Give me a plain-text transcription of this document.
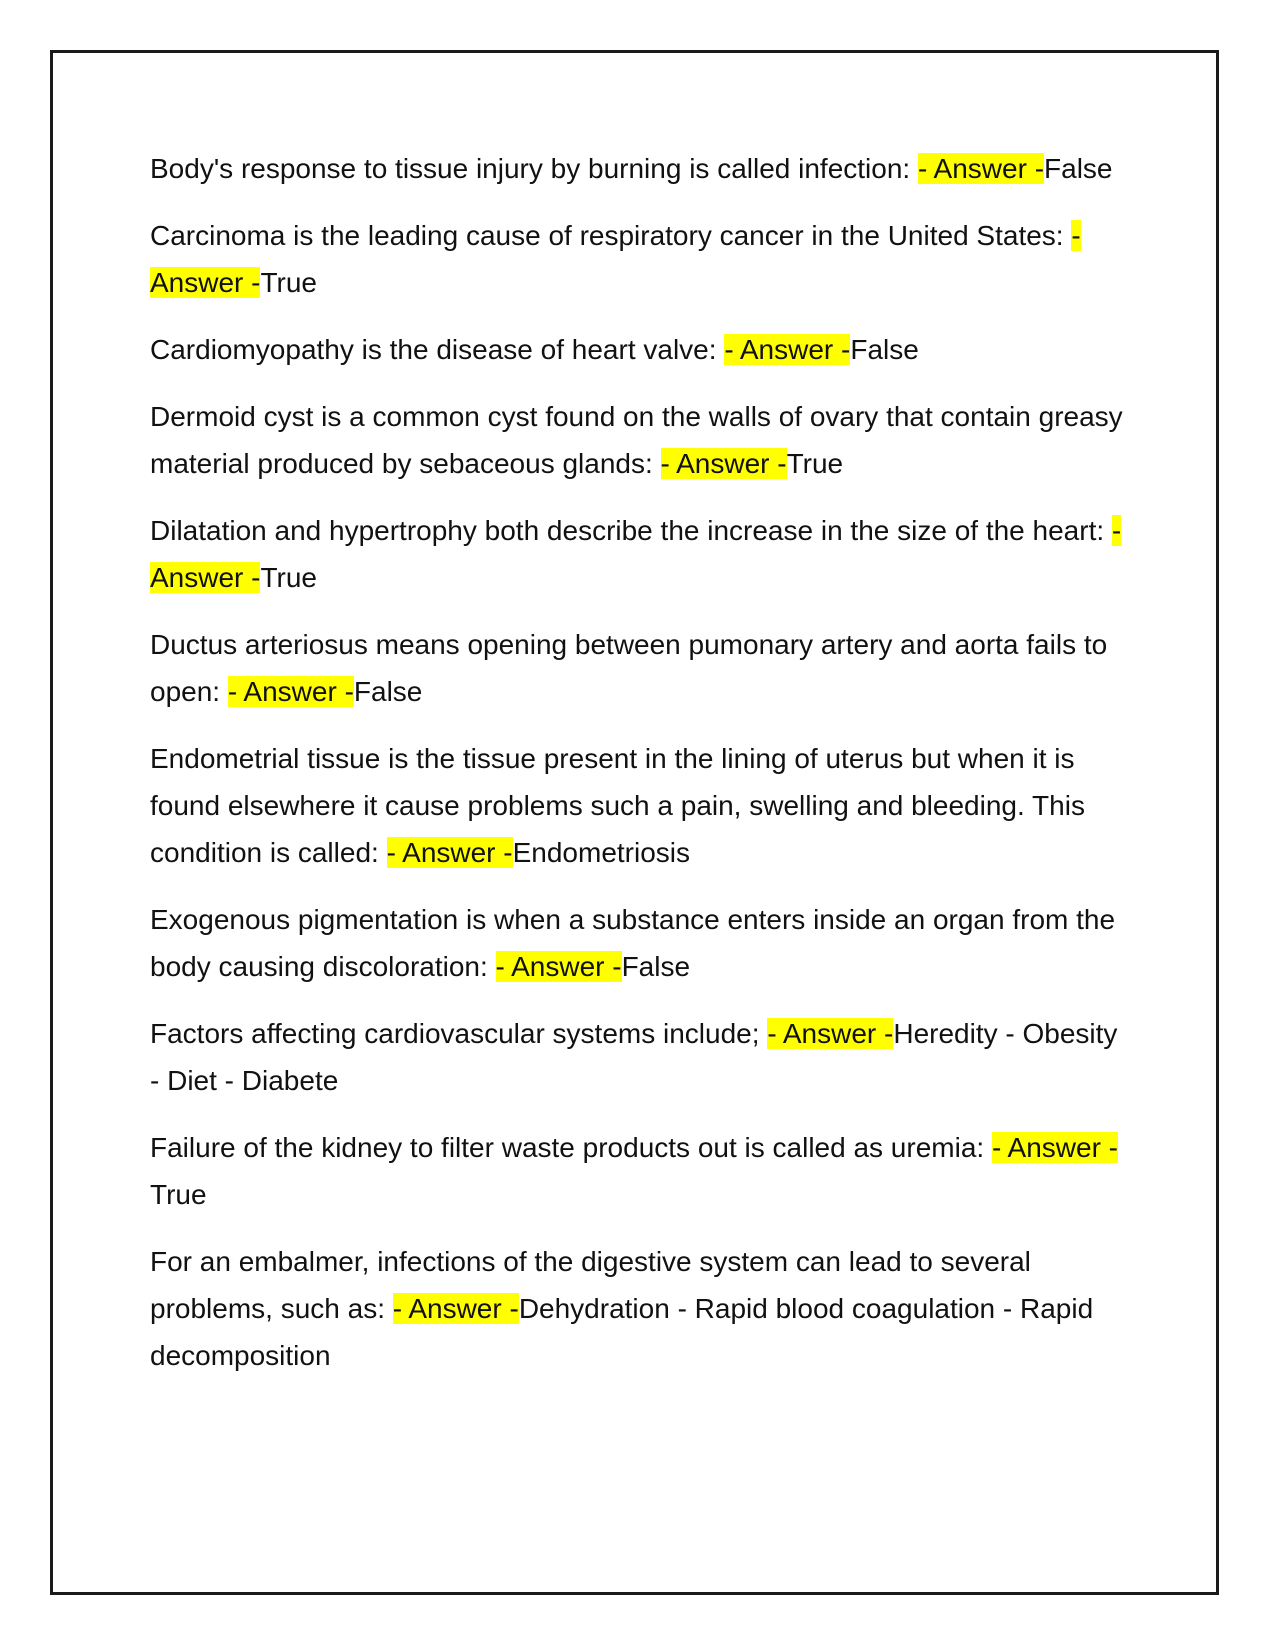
Body's response to tissue injury by burning is called infection: - Answer -False

Carcinoma is the leading cause of respiratory cancer in the United States: - Answer -True

Cardiomyopathy is the disease of heart valve: - Answer -False

Dermoid cyst is a common cyst found on the walls of ovary that contain greasy material produced by sebaceous glands: - Answer -True

Dilatation and hypertrophy both describe the increase in the size of the heart: - Answer -True

Ductus arteriosus means opening between pumonary artery and aorta fails to open: - Answer -False

Endometrial tissue is the tissue present in the lining of uterus but when it is found elsewhere it cause problems such a pain, swelling and bleeding. This condition is called: - Answer -Endometriosis

Exogenous pigmentation is when a substance enters inside an organ from the body causing discoloration: - Answer -False

Factors affecting cardiovascular systems include; - Answer -Heredity - Obesity - Diet - Diabete

Failure of the kidney to filter waste products out is called as uremia: - Answer -True

For an embalmer, infections of the digestive system can lead to several problems, such as: - Answer -Dehydration - Rapid blood coagulation - Rapid decomposition
